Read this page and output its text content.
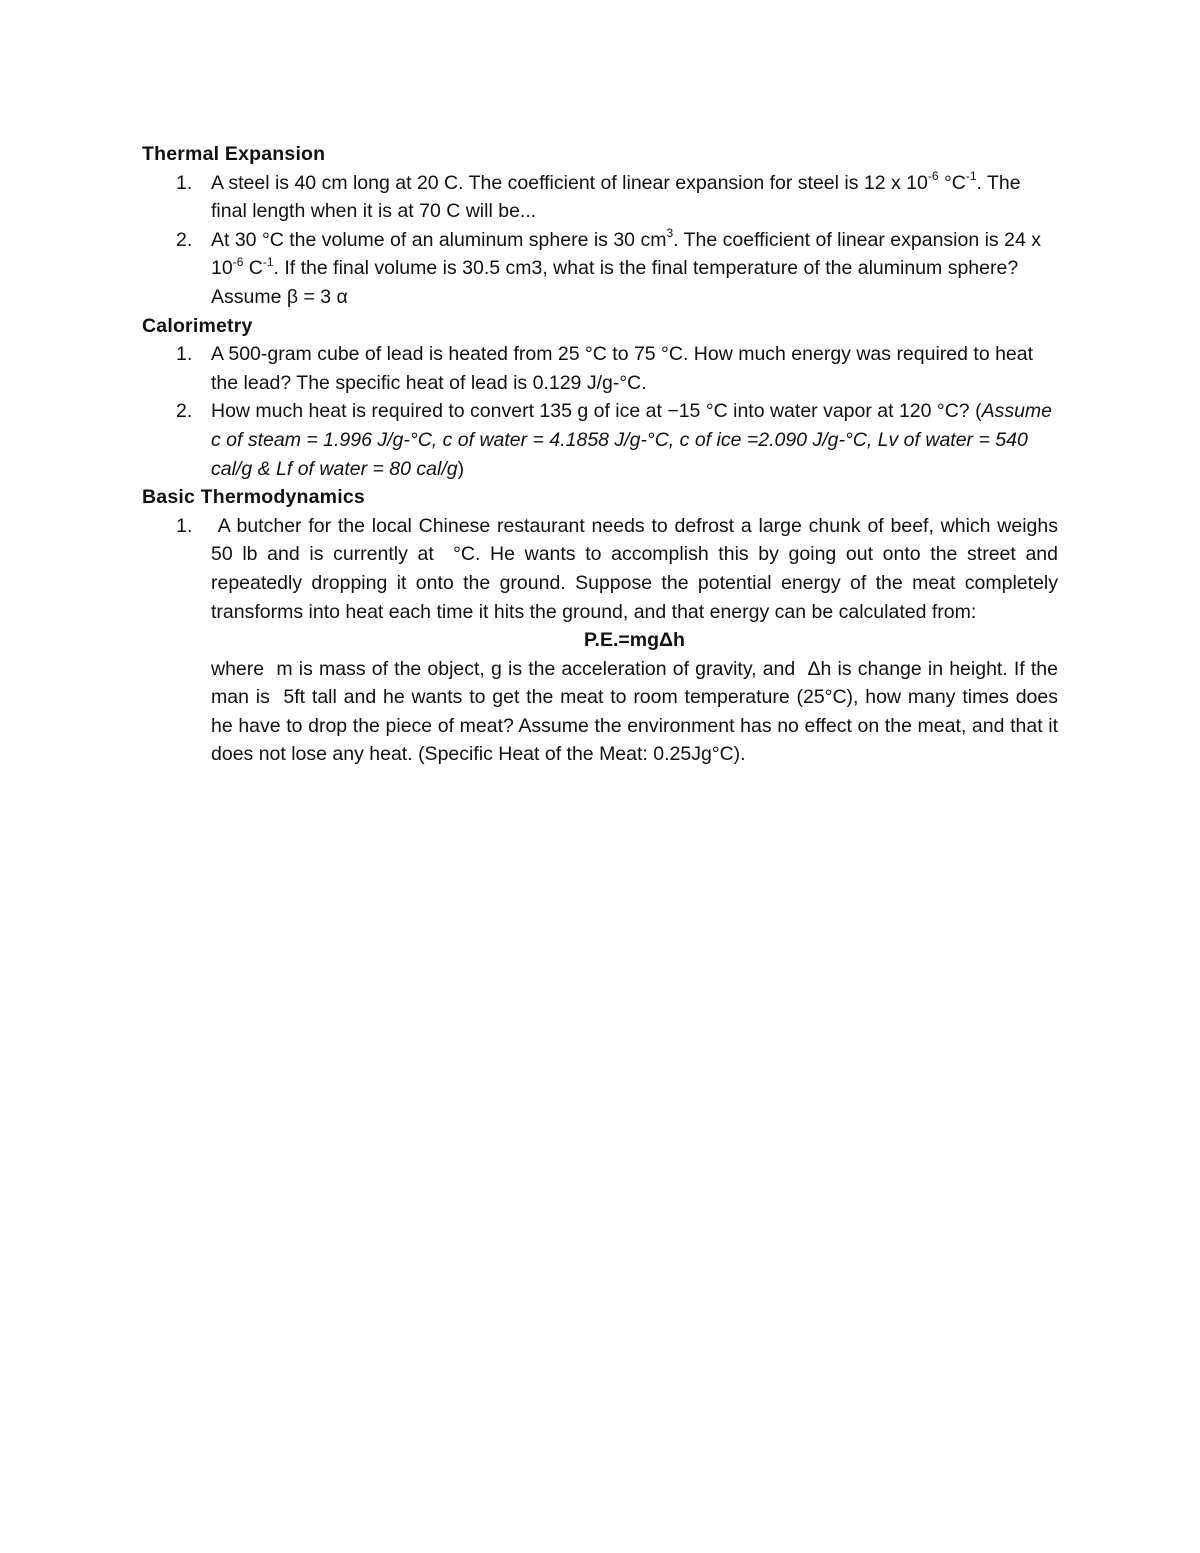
Thermal Expansion
1. A steel is 40 cm long at 20 C. The coefficient of linear expansion for steel is 12 x $10^{-6}$ $^\circ C^{-1}$. The final length when it is at 70 C will be...
2. At 30 °C the volume of an aluminum sphere is 30 $cm^3$. The coefficient of linear expansion is 24 x $10^{-6}$ $C^{-1}$. If the final volume is 30.5 cm3, what is the final temperature of the aluminum sphere? Assume β = 3 α
Calorimetry
1. A 500-gram cube of lead is heated from 25 °C to 75 °C. How much energy was required to heat the lead? The specific heat of lead is 0.129 J/g-°C.
2. How much heat is required to convert 135 g of ice at −15 °C into water vapor at 120 °C? (Assume c of steam = 1.996 J/g-°C, c of water = 4.1858 J/g-°C, c of ice =2.090 J/g-°C, Lv of water = 540 cal/g & Lf of water = 80 cal/g)
Basic Thermodynamics
1. A butcher for the local Chinese restaurant needs to defrost a large chunk of beef, which weighs  50 lb and is currently at  °C. He wants to accomplish this by going out onto the street and repeatedly dropping it onto the ground. Suppose the potential energy of the meat completely transforms into heat each time it hits the ground, and that energy can be calculated from:
P.E.=mgΔh
where  m is mass of the object, g is the acceleration of gravity, and  Δh is change in height. If the man is  5ft tall and he wants to get the meat to room temperature (25°C), how many times does he have to drop the piece of meat? Assume the environment has no effect on the meat, and that it does not lose any heat. (Specific Heat of the Meat: 0.25Jg°C).
